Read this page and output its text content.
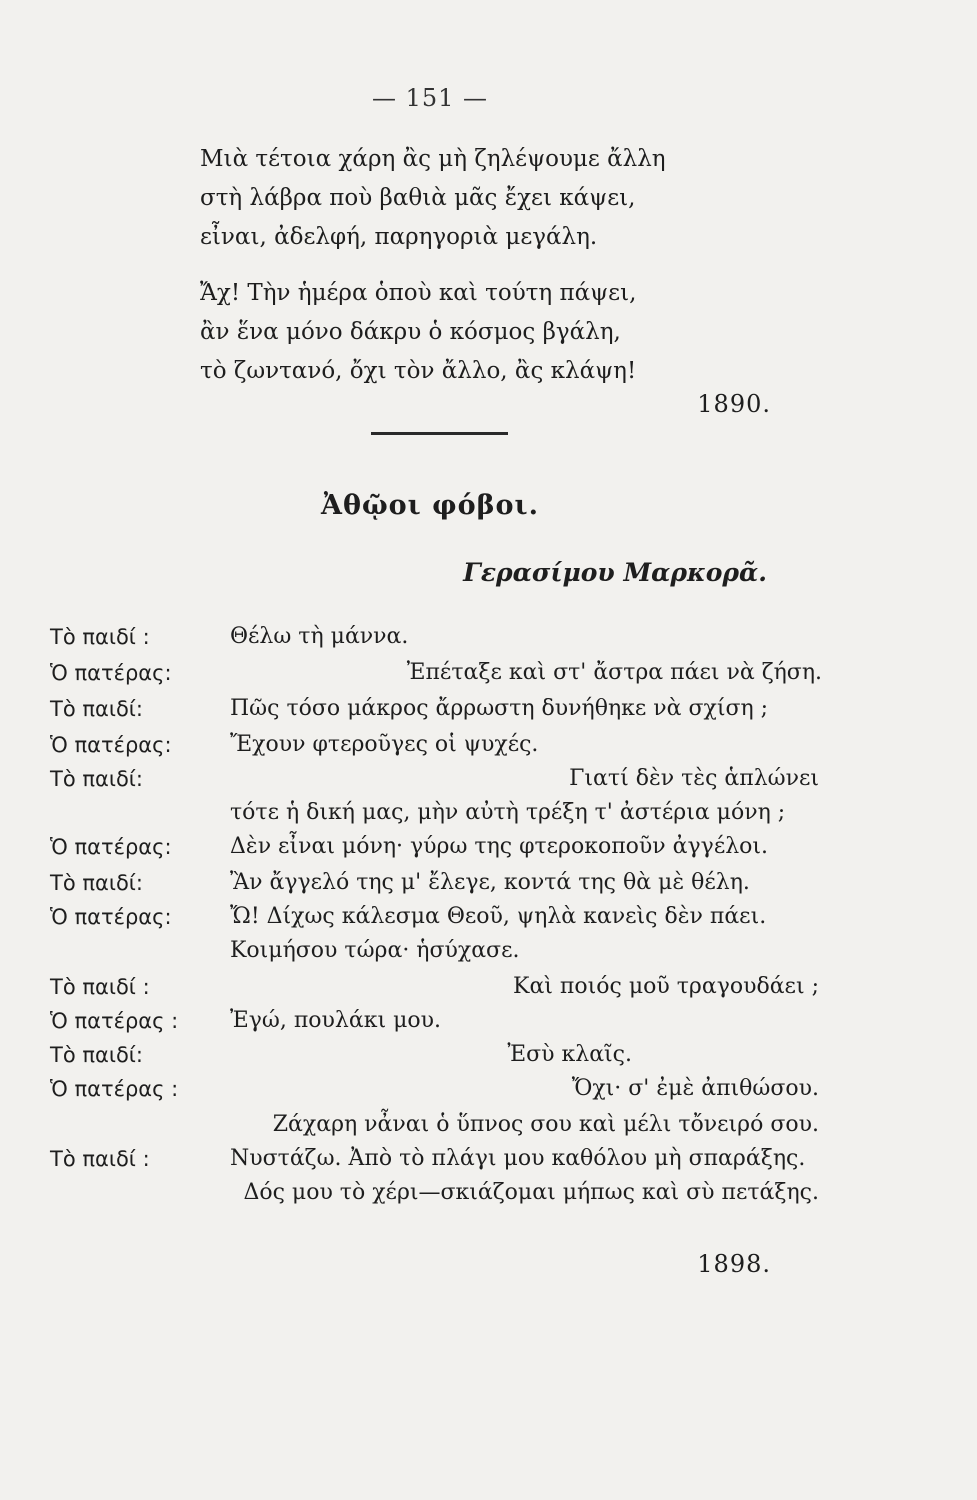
— 151 —
Μιὰ τέτοια χάρη ἂς μὴ ζηλέψουμε ἄλλη
στὴ λάβρα ποὺ βαθιὰ μᾶς ἔχει κάψει,
εἶναι, ἀδελφή, παρηγοριὰ μεγάλη.
Ἄχ! Τὴν ἡμέρα ὁποὺ καὶ τούτη πάψει,
ἂν ἕνα μόνο δάκρυ ὁ κόσμος βγάλη,
τὸ ζωντανό, ὄχι τὸν ἄλλο, ἂς κλάψη!
1890.
Ἀθῷοι φόβοι.
Γερασίμου Μαρκορᾶ.
Τὸ παιδί :	Θέλω τὴ μάννα.
Ὁ πατέρας:	Ἐπέταξε καὶ στ' ἄστρα πάει νὰ ζήση.
Τὸ παιδί:	Πῶς τόσο μάκρος ἄρρωστη δυνήθηκε νὰ σχίση ;
Ὁ πατέρας:	Ἔχουν φτεροῦγες οἱ ψυχές.
Τὸ παιδί:	Γιατί δὲν τὲς ἁπλώνει
τότε ἡ δική μας, μὴν αὐτὴ τρέξη τ' ἀστέρια μόνη ;
Ὁ πατέρας:	Δὲν εἶναι μόνη· γύρω της φτεροκοποῦν ἀγγέλοι.
Τὸ παιδί:	Ἂν ἄγγελό της μ' ἔλεγε, κοντά της θὰ μὲ θέλη.
Ὁ πατέρας:	Ὤ! Δίχως κάλεσμα Θεοῦ, ψηλὰ κανεὶς δὲν πάει.
Κοιμήσου τώρα· ἡσύχασε.
Τὸ παιδί :	Καὶ ποιός μοῦ τραγουδάει ;
Ὁ πατέρας : Ἐγώ, πουλάκι μου.
Τὸ παιδί:	Ἐσὺ κλαῖς.
Ὁ πατέρας :	Ὄχι· σ' ἐμὲ ἀπιθώσου.
Ζάχαρη νἆναι ὁ ὕπνος σου καὶ μέλι τὄνειρό σου.
Τὸ παιδί :	Νυστάζω. Ἀπὸ τὸ πλάγι μου καθόλου μὴ σπαράξης.
Δός μου τὸ χέρι—σκιάζομαι μήπως καὶ σὺ πετάξης.
1898.
